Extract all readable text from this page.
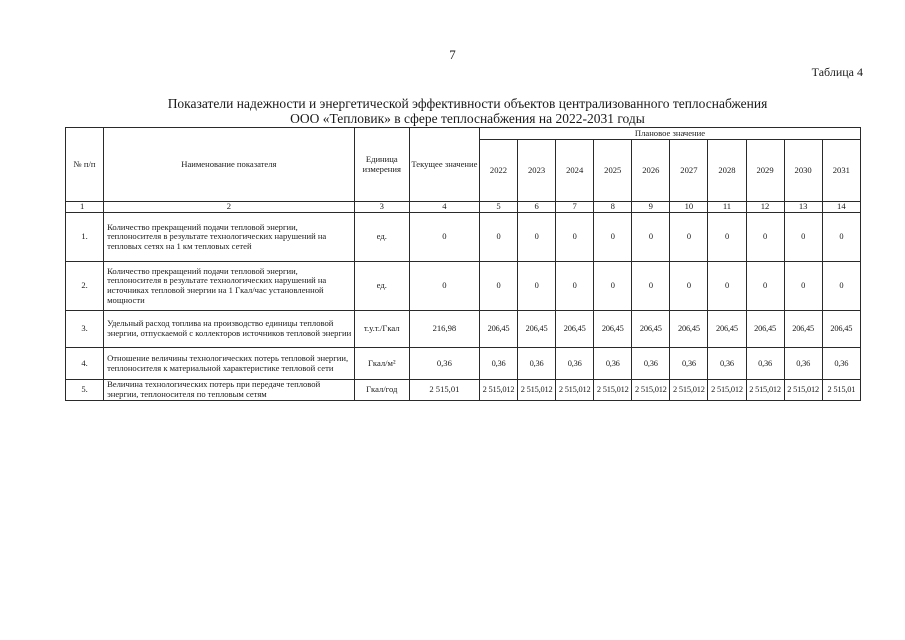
7
Таблица 4
Показатели надежности и энергетической эффективности объектов централизованного теплоснабжения
ООО «Тепловик» в сфере теплоснабжения на 2022-2031 годы
№ п/п	Наименование показателя	Единица измерения	Текущее значение	Плановое значение									
				2022	2023	2024	2025	2026	2027	2028	2029	2030	2031
1	2	3	4	5	6	7	8	9	10	11	12	13	14
1.	Количество прекращений подачи тепловой энергии, теплоносителя в результате технологических нарушений на тепловых сетях на 1 км тепловых сетей	ед.	0	0	0	0	0	0	0	0	0	0	0
2.	Количество прекращений подачи тепловой энергии, теплоносителя в результате технологических нарушений на источниках тепловой энергии на 1 Гкал/час установленной мощности	ед.	0	0	0	0	0	0	0	0	0	0	0
3.	Удельный расход топлива на производство единицы тепловой энергии, отпускаемой с коллекторов источников тепловой энергии	т.у.т./Гкал	216,98	206,45	206,45	206,45	206,45	206,45	206,45	206,45	206,45	206,45	206,45
4.	Отношение величины технологических потерь тепловой энергии, теплоносителя к материальной характеристике тепловой сети	Гкал/м²	0,36	0,36	0,36	0,36	0,36	0,36	0,36	0,36	0,36	0,36	0,36
5.	Величина технологических потерь при передаче тепловой энергии, теплоносителя по тепловым сетям	Гкал/год	2 515,01	2 515,012	2 515,012	2 515,012	2 515,012	2 515,012	2 515,012	2 515,012	2 515,012	2 515,012	2 515,01
